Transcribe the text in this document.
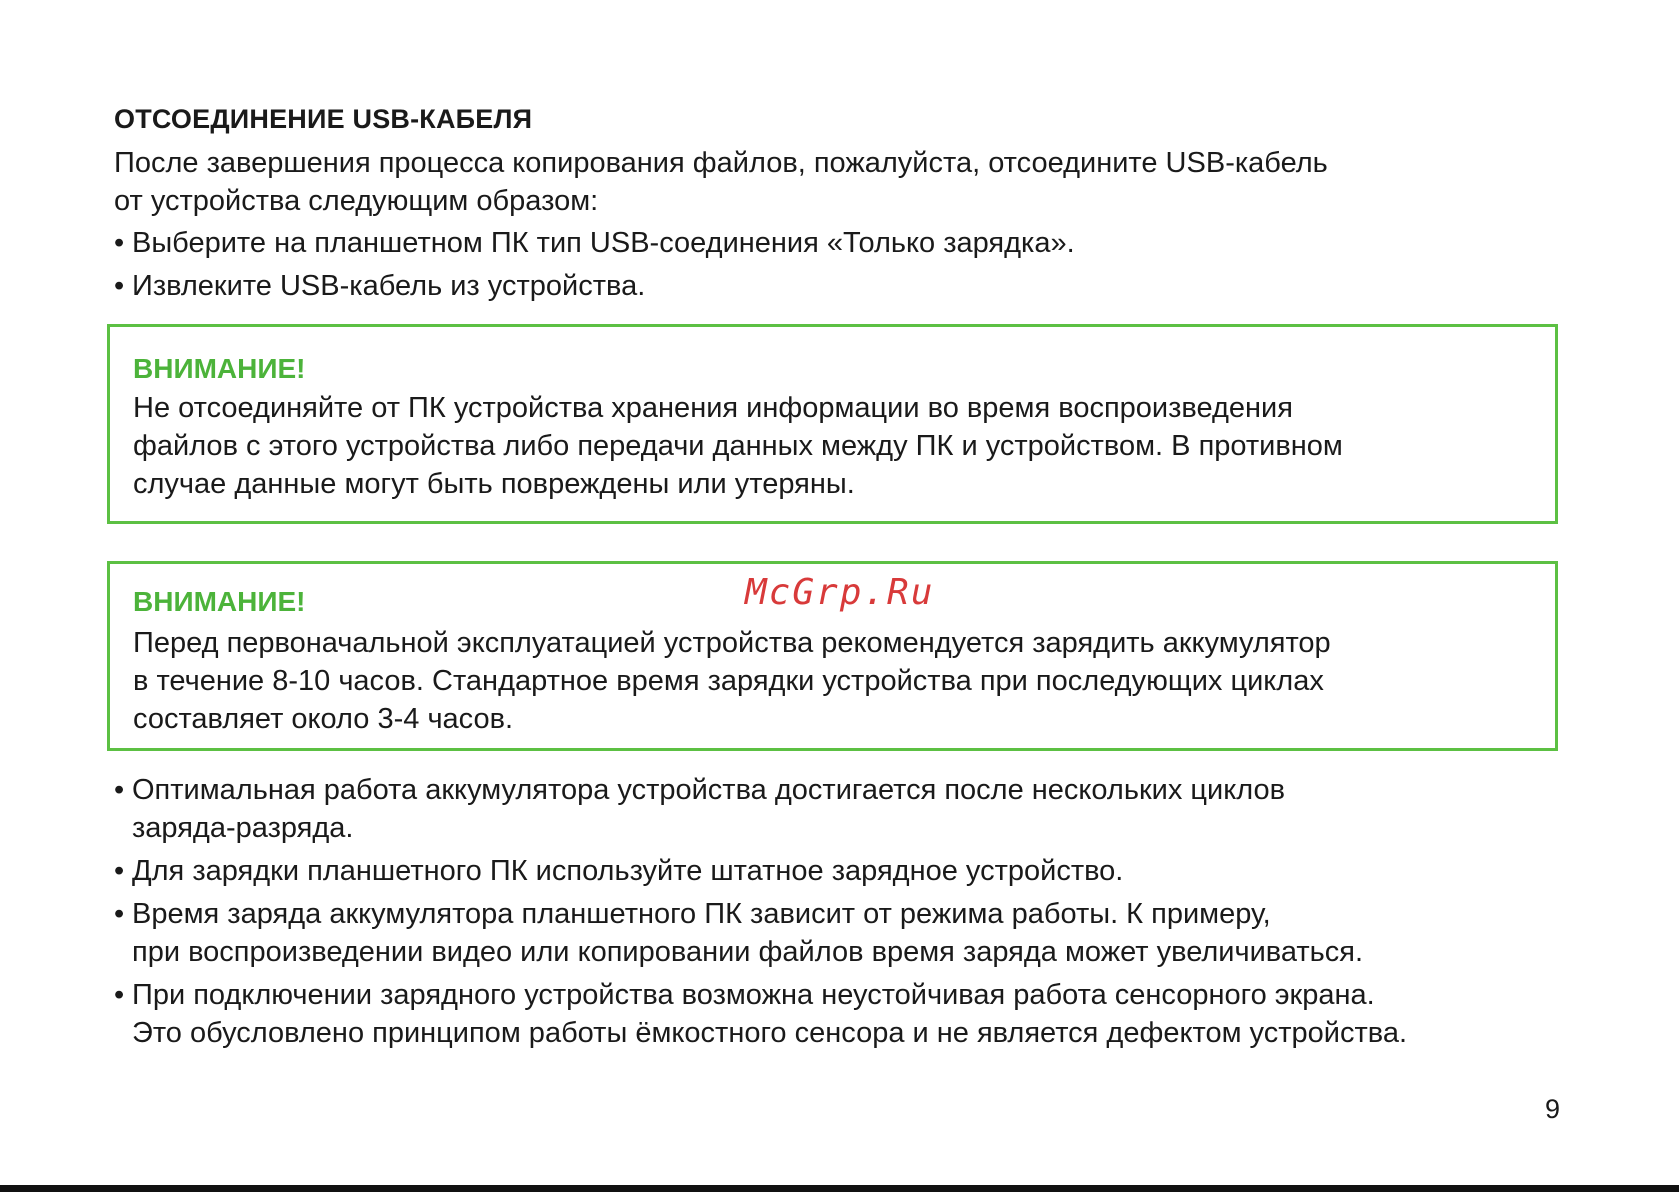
ОТСОЕДИНЕНИЕ USB-КАБЕЛЯ

После завершения процесса копирования файлов, пожалуйста, отсоедините USB-кабель
от устройства следующим образом:

• Выберите на планшетном ПК тип USB-соединения «Только зарядка».
• Извлеките USB-кабель из устройства.

ВНИМАНИЕ!

Не отсоединяйте от ПК устройства хранения информации во время воспроизведения
файлов с этого устройства либо передачи данных между ПК и устройством. В противном
случае данные могут быть повреждены или утеряны.

ВНИМАНИЕ!

Перед первоначальной эксплуатацией устройства рекомендуется зарядить аккумулятор
в течение 8-10 часов. Стандартное время зарядки устройства при последующих циклах
составляет около 3-4 часов.

McGrp.Ru
• Оптимальная работа аккумулятора устройства достигается после нескольких циклов
заряда-разряда.
• Для зарядки планшетного ПК используйте штатное зарядное устройство.
• Время заряда аккумулятора планшетного ПК зависит от режима работы. К примеру,
при воспроизведении видео или копировании файлов время заряда может увеличиваться.
• При подключении зарядного устройства возможна неустойчивая работа сенсорного экрана.
Это обусловлено принципом работы ёмкостного сенсора и не является дефектом устройства.
9
